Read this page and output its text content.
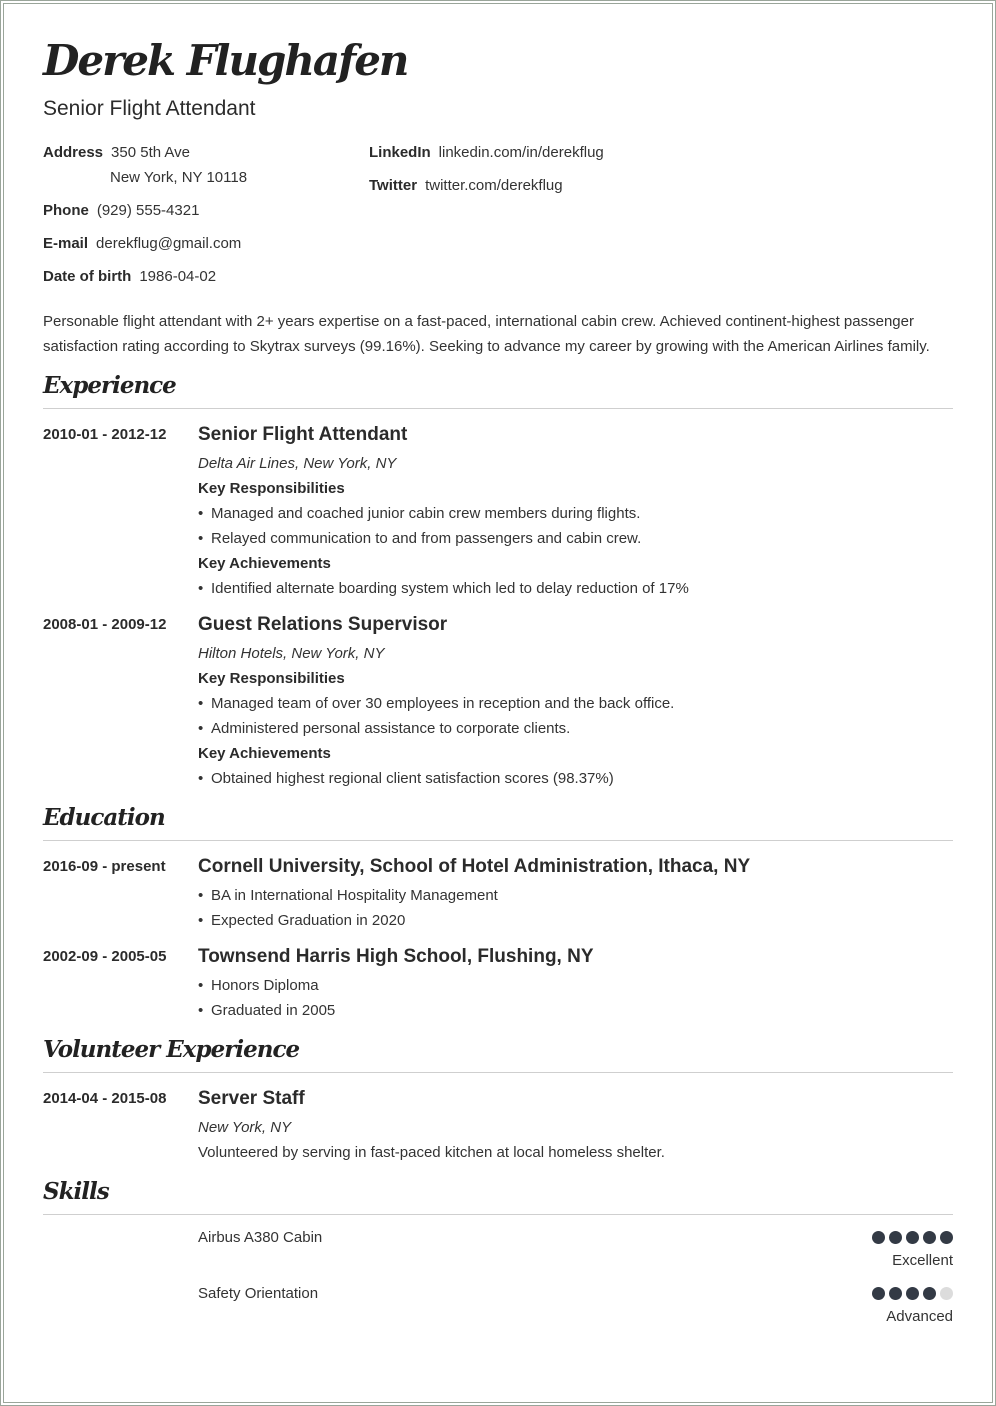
Derek Flughafen
Senior Flight Attendant
Address 350 5th Ave
New York, NY 10118
Phone (929) 555-4321
E-mail derekflug@gmail.com
Date of birth 1986-04-02
LinkedIn linkedin.com/in/derekflug
Twitter twitter.com/derekflug

Personable flight attendant with 2+ years expertise on a fast-paced, international cabin crew. Achieved continent-highest passenger satisfaction rating according to Skytrax surveys (99.16%). Seeking to advance my career by growing with the American Airlines family.

Experience
2010-01 - 2012-12 Senior Flight Attendant
Delta Air Lines, New York, NY
Key Responsibilities
• Managed and coached junior cabin crew members during flights.
• Relayed communication to and from passengers and cabin crew.
Key Achievements
• Identified alternate boarding system which led to delay reduction of 17%
2008-01 - 2009-12 Guest Relations Supervisor
Hilton Hotels, New York, NY
Key Responsibilities
• Managed team of over 30 employees in reception and the back office.
• Administered personal assistance to corporate clients.
Key Achievements
• Obtained highest regional client satisfaction scores (98.37%)
Education
2016-09 - present Cornell University, School of Hotel Administration, Ithaca, NY
• BA in International Hospitality Management
• Expected Graduation in 2020
2002-09 - 2005-05 Townsend Harris High School, Flushing, NY
• Honors Diploma
• Graduated in 2005
Volunteer Experience
2014-04 - 2015-08 Server Staff
New York, NY
Volunteered by serving in fast-paced kitchen at local homeless shelter.
Skills
Airbus A380 Cabin
Excellent
Safety Orientation
Advanced
